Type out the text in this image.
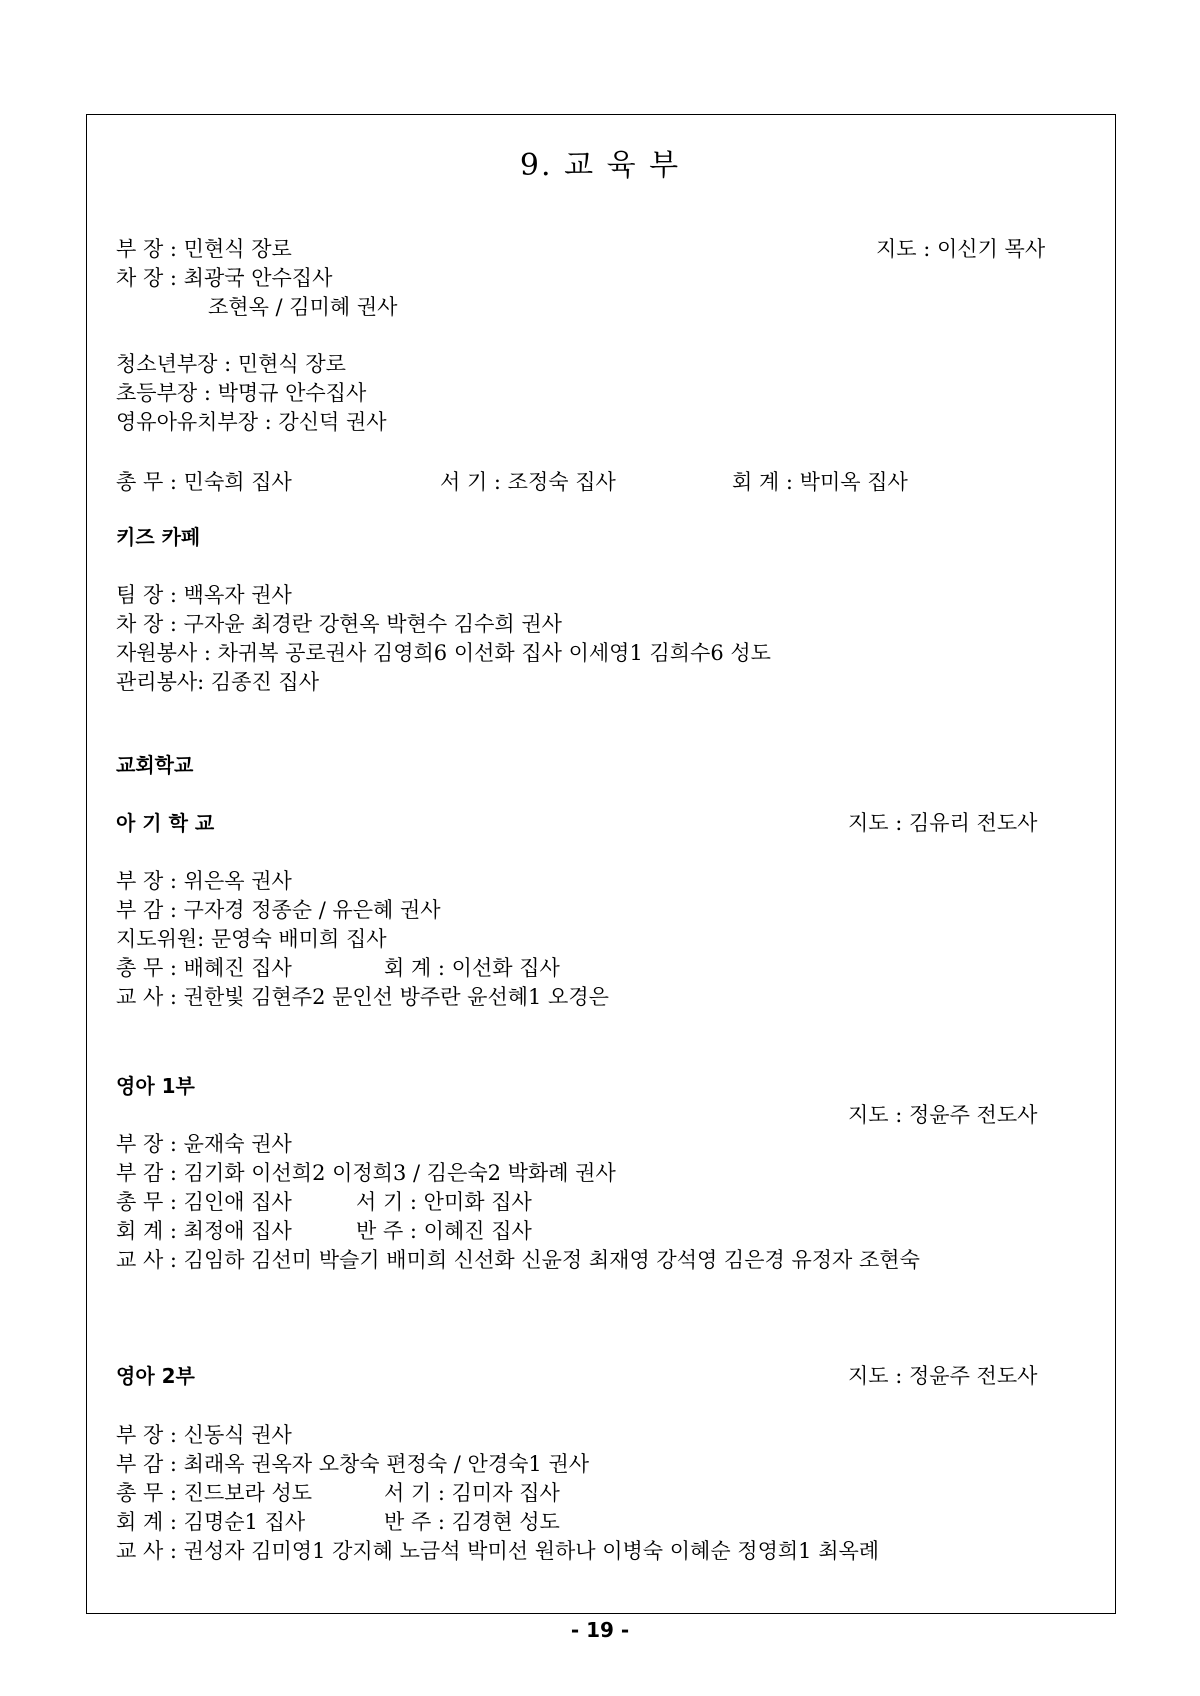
9. 교 육 부
부 장 : 민현식 장로	지도 : 이신기 목사
차 장 : 최광국 안수집사
조현옥 / 김미혜 권사
청소년부장 : 민현식 장로
초등부장 : 박명규 안수집사
영유아유치부장 : 강신덕 권사
총 무 : 민숙희 집사	서 기 : 조정숙 집사	회 계 : 박미옥 집사
키즈 카페
팀 장 : 백옥자 권사
차 장 : 구자윤 최경란 강현옥 박현수 김수희 권사
자원봉사 : 차귀복 공로권사 김영희6 이선화 집사 이세영1 김희수6 성도
관리봉사: 김종진 집사
교회학교
아 기 학 교	지도 : 김유리 전도사
부 장 : 위은옥 권사
부 감 : 구자경 정종순 / 유은혜 권사
지도위원: 문영숙 배미희 집사
총 무 : 배혜진 집사	회 계 : 이선화 집사
교 사 : 권한빛 김현주2 문인선 방주란 윤선혜1 오경은
영아 1부
지도 : 정윤주 전도사
부 장 : 윤재숙 권사
부 감 : 김기화 이선희2 이정희3 / 김은숙2 박화례 권사
총 무 : 김인애 집사	서 기 : 안미화 집사
회 계 : 최정애 집사	반 주 : 이혜진 집사
교 사 : 김임하 김선미 박슬기 배미희 신선화 신윤정 최재영 강석영 김은경 유정자 조현숙
영아 2부	지도 : 정윤주 전도사
부 장 : 신동식 권사
부 감 : 최래옥 권옥자 오창숙 편정숙 / 안경숙1 권사
총 무 : 진드보라 성도	서 기 : 김미자 집사
회 계 : 김명순1 집사	반 주 : 김경현 성도
교 사 : 권성자 김미영1 강지혜 노금석 박미선 원하나 이병숙 이혜순 정영희1 최옥례
- 19 -
